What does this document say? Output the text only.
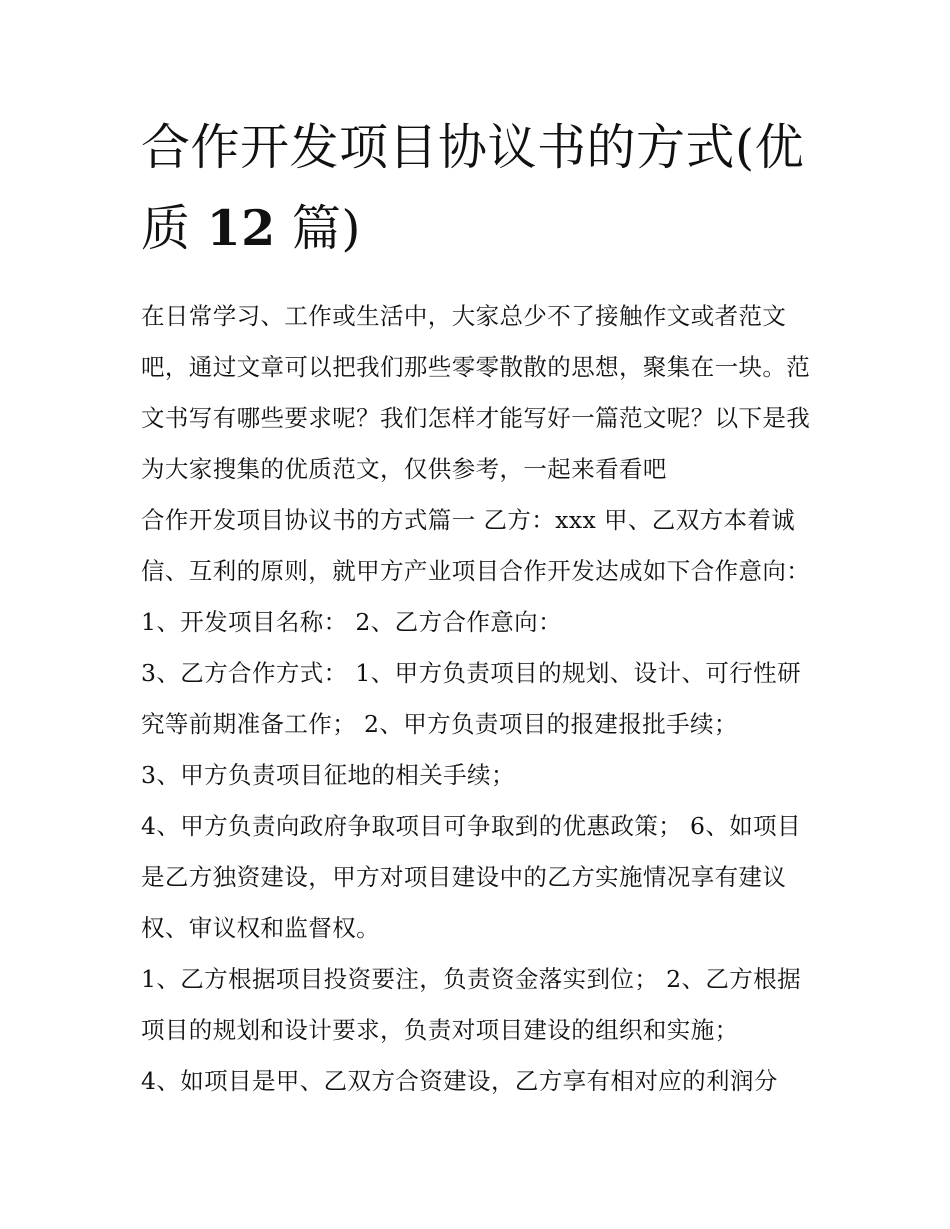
合作开发项目协议书的方式(优
质 12 篇)

在日常学习、工作或生活中，大家总少不了接触作文或者范文吧，通过文章可以把我们那些零零散散的思想，聚集在一块。范文书写有哪些要求呢？我们怎样才能写好一篇范文呢？以下是我为大家搜集的优质范文，仅供参考，一起来看看吧

合作开发项目协议书的方式篇一 乙方：xxx 甲、乙双方本着诚信、互利的原则，就甲方产业项目合作开发达成如下合作意向： 1、开发项目名称： 2、乙方合作意向：

3、乙方合作方式： 1、甲方负责项目的规划、设计、可行性研究等前期准备工作； 2、甲方负责项目的报建报批手续；

3、甲方负责项目征地的相关手续；

4、甲方负责向政府争取项目可争取到的优惠政策； 6、如项目是乙方独资建设，甲方对项目建设中的乙方实施情况享有建议权、审议权和监督权。

1、乙方根据项目投资要注，负责资金落实到位； 2、乙方根据项目的规划和设计要求，负责对项目建设的组织和实施；

4、如项目是甲、乙双方合资建设，乙方享有相对应的利润分
